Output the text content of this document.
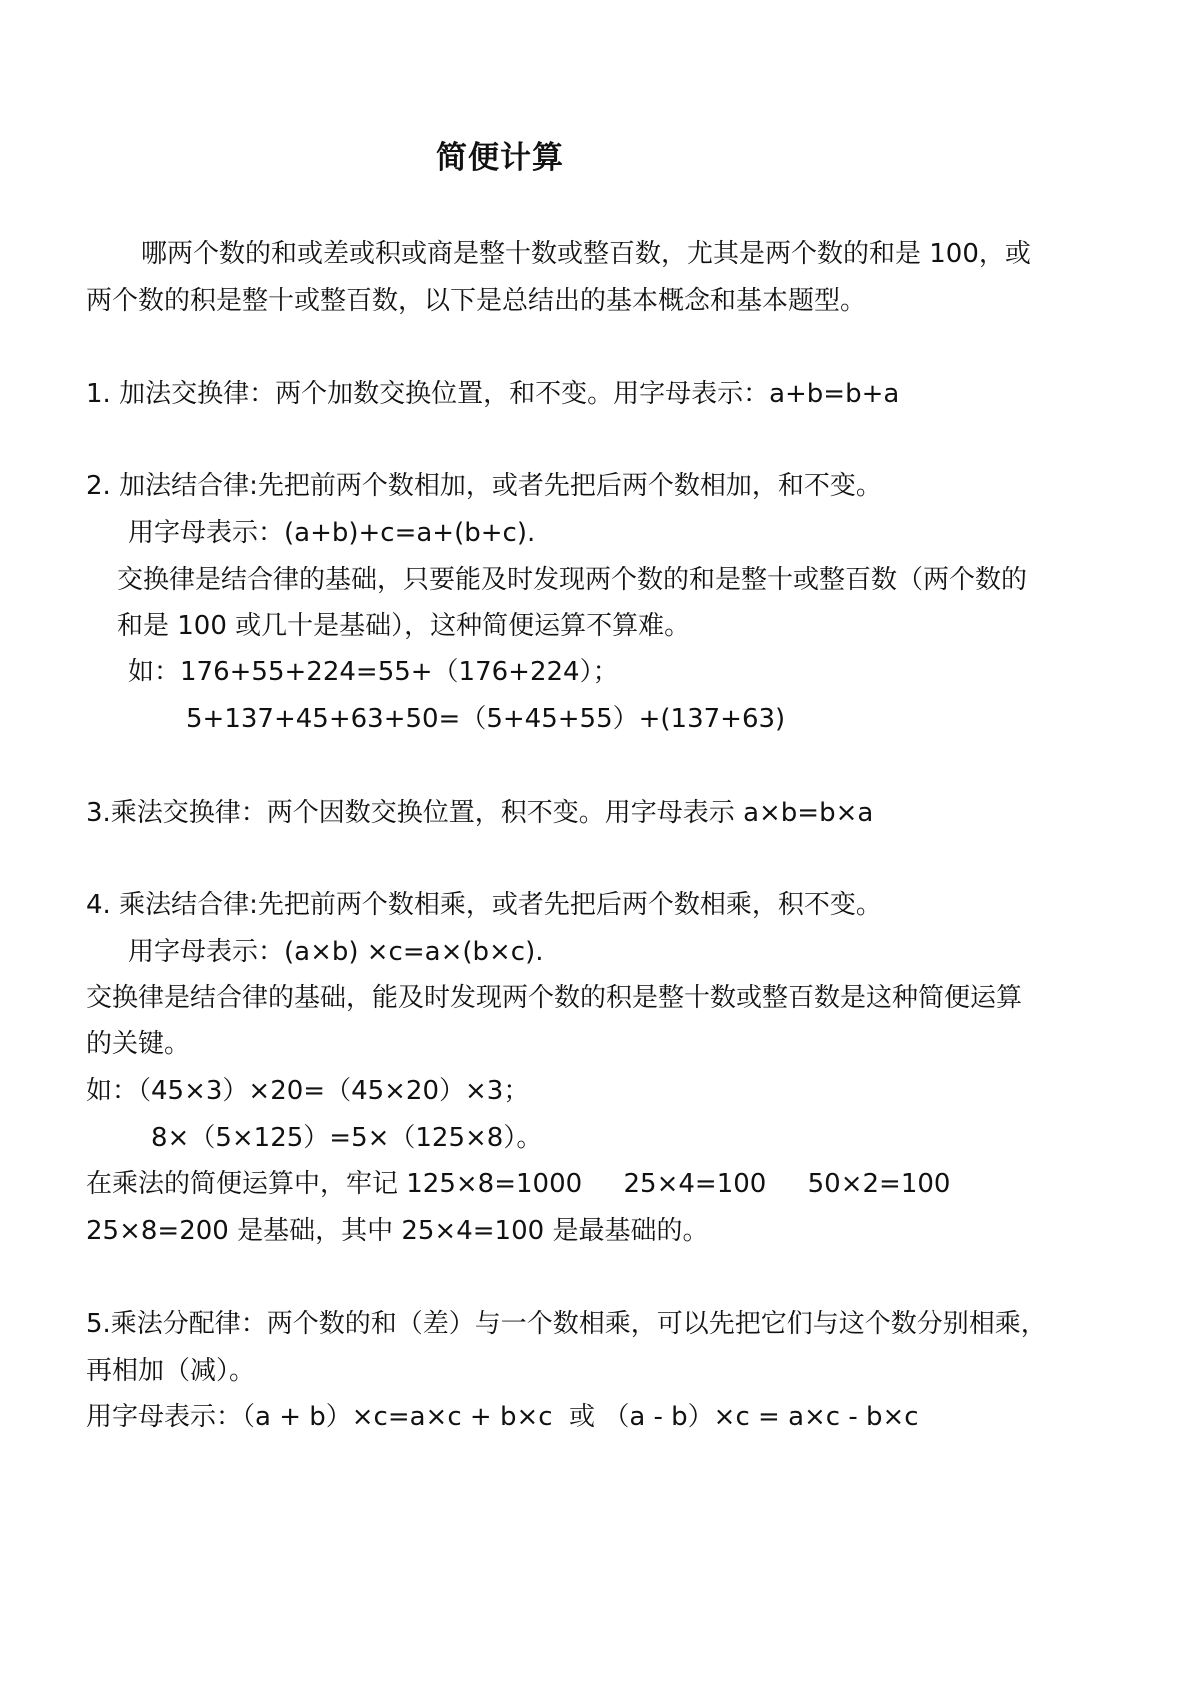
简便计算
哪两个数的和或差或积或商是整十数或整百数，尤其是两个数的和是 100，或
两个数的积是整十或整百数，以下是总结出的基本概念和基本题型。
1. 加法交换律：两个加数交换位置，和不变。用字母表示：a+b=b+a
2. 加法结合律:先把前两个数相加，或者先把后两个数相加，和不变。
用字母表示：(a+b)+c=a+(b+c).
交换律是结合律的基础，只要能及时发现两个数的和是整十或整百数（两个数的
和是 100 或几十是基础），这种简便运算不算难。
如：176+55+224=55+（176+224）；
5+137+45+63+50=（5+45+55）+(137+63)
3.乘法交换律：两个因数交换位置，积不变。用字母表示 a×b=b×a
4. 乘法结合律:先把前两个数相乘，或者先把后两个数相乘，积不变。
用字母表示：(a×b) ×c=a×(b×c).
交换律是结合律的基础，能及时发现两个数的积是整十数或整百数是这种简便运算
的关键。
如：（45×3）×20=（45×20）×3；
8×（5×125）=5×（125×8）。
在乘法的简便运算中，牢记 125×8=1000     25×4=100     50×2=100
25×8=200 是基础，其中 25×4=100 是最基础的。
5.乘法分配律：两个数的和（差）与一个数相乘，可以先把它们与这个数分别相乘，
再相加（减）。
用字母表示：（a + b）×c=a×c + b×c  或 （a - b）×c = a×c - b×c
